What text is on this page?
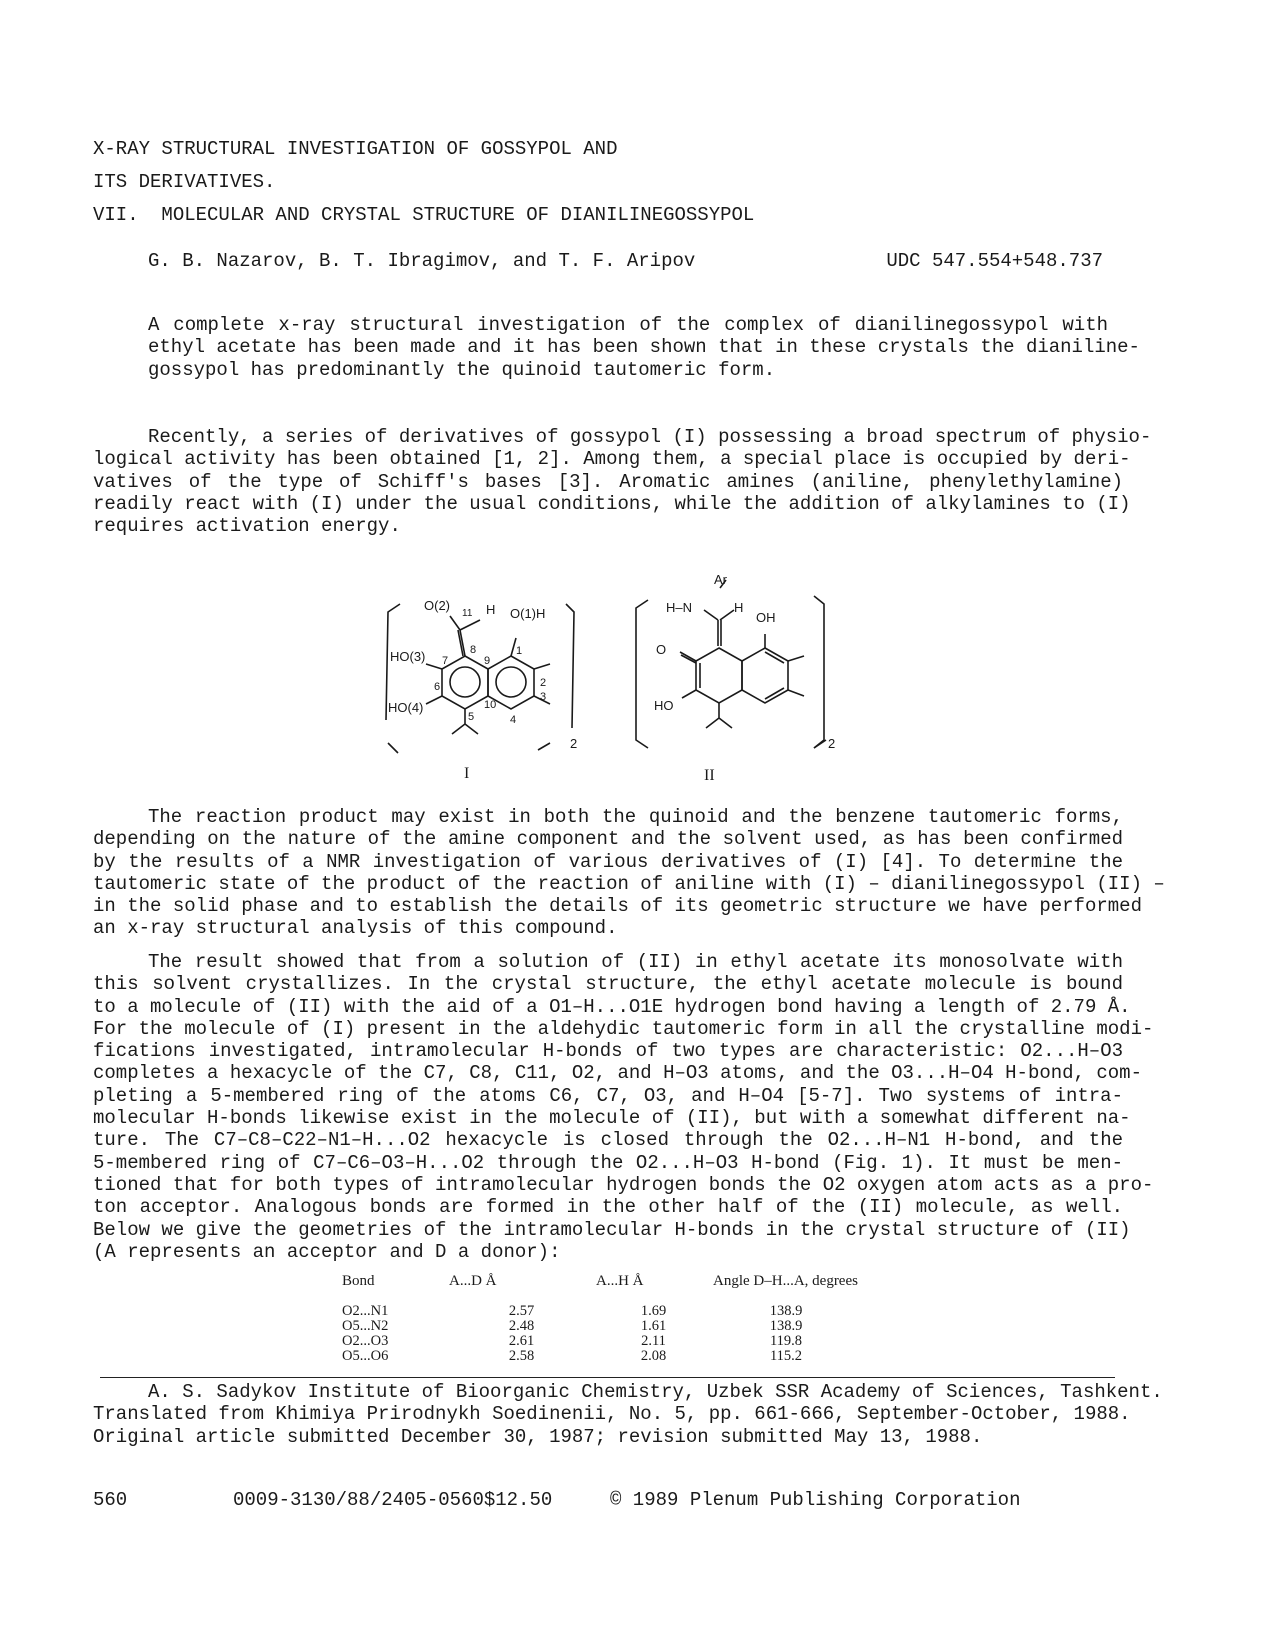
X-RAY STRUCTURAL INVESTIGATION OF GOSSYPOL AND
ITS DERIVATIVES.
VII.  MOLECULAR AND CRYSTAL STRUCTURE OF DIANILINEGOSSYPOL
G. B. Nazarov, B. T. Ibragimov, and T. F. Aripov	UDC 547.554+548.737
A complete x-ray structural investigation of the complex of dianilinegossypol with
ethyl acetate has been made and it has been shown that in these crystals the dianiline-
gossypol has predominantly the quinoid tautomeric form.
Recently, a series of derivatives of gossypol (I) possessing a broad spectrum of physio-
logical activity has been obtained [1, 2]. Among them, a special place is occupied by deri-
vatives of the type of Schiff's bases [3]. Aromatic amines (aniline, phenylethylamine)
readily react with (I) under the usual conditions, while the addition of alkylamines to (I)
requires activation energy.
O(2)
11 H O(1)H
HO(3) 7
8
9
1
2
3
6
HO(4)
5
10
4
2
I
Ar
H–N	H
OH
O
HO
2
II
The reaction product may exist in both the quinoid and the benzene tautomeric forms,
depending on the nature of the amine component and the solvent used, as has been confirmed
by the results of a NMR investigation of various derivatives of (I) [4]. To determine the
tautomeric state of the product of the reaction of aniline with (I) – dianilinegossypol (II) –
in the solid phase and to establish the details of its geometric structure we have performed
an x-ray structural analysis of this compound.
The result showed that from a solution of (II) in ethyl acetate its monosolvate with
this solvent crystallizes. In the crystal structure, the ethyl acetate molecule is bound
to a molecule of (II) with the aid of a O1–H...O1E hydrogen bond having a length of 2.79 Å.
For the molecule of (I) present in the aldehydic tautomeric form in all the crystalline modi-
fications investigated, intramolecular H-bonds of two types are characteristic: O2...H–O3
completes a hexacycle of the C7, C8, C11, O2, and H–O3 atoms, and the O3...H–O4 H-bond, com-
pleting a 5-membered ring of the atoms C6, C7, O3, and H–O4 [5-7]. Two systems of intra-
molecular H-bonds likewise exist in the molecule of (II), but with a somewhat different na-
ture. The C7–C8–C22–N1–H...O2 hexacycle is closed through the O2...H–N1 H-bond, and the
5-membered ring of C7–C6–O3–H...O2 through the O2...H–O3 H-bond (Fig. 1). It must be men-
tioned that for both types of intramolecular hydrogen bonds the O2 oxygen atom acts as a pro-
ton acceptor. Analogous bonds are formed in the other half of the (II) molecule, as well.
Below we give the geometries of the intramolecular H-bonds in the crystal structure of (II)
(A represents an acceptor and D a donor):
Bond	A...D Å	A...H Å	Angle D–H...A, degrees
O2...N1	2.57	1.69	138.9
O5...N2	2.48	1.61	138.9
O2...O3	2.61	2.11	119.8
O5...O6	2.58	2.08	115.2
A. S. Sadykov Institute of Bioorganic Chemistry, Uzbek SSR Academy of Sciences, Tashkent.
Translated from Khimiya Prirodnykh Soedinenii, No. 5, pp. 661-666, September-October, 1988.
Original article submitted December 30, 1987; revision submitted May 13, 1988.
560	0009-3130/88/2405-0560$12.50	© 1989 Plenum Publishing Corporation
